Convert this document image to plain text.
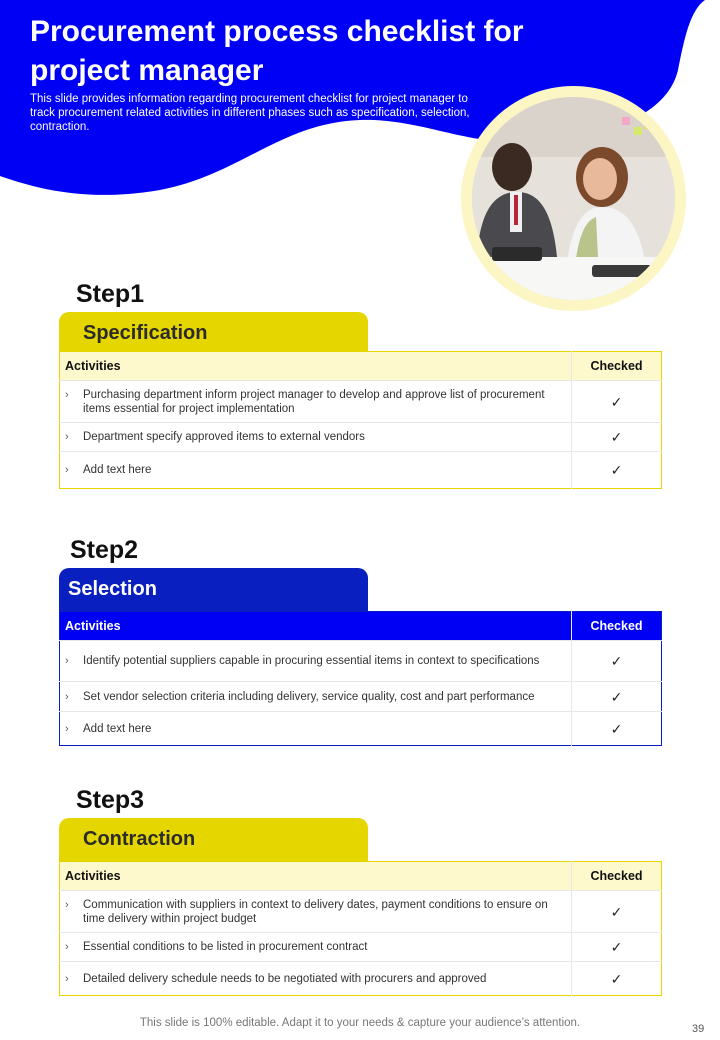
Procurement process checklist for project manager
This slide provides information regarding procurement checklist for project manager to track procurement related activities in different phases such as specification, selection, contraction.
Step1
Specification
Activities	Checked
› Purchasing department inform project manager to develop and approve list of procurement items essential for project implementation	✓
› Department specify approved items to external vendors	✓
› Add text here	✓
Step2
Selection
Activities	Checked
› Identify potential suppliers capable in procuring essential items in context to specifications	✓
› Set vendor selection criteria including delivery, service quality, cost and part performance	✓
› Add text here	✓
Step3
Contraction
Activities	Checked
› Communication with suppliers in context to delivery dates, payment conditions to ensure on time delivery within project budget	✓
› Essential conditions to be listed in procurement contract	✓
› Detailed delivery schedule needs to be negotiated with procurers and approved	✓
This slide is 100% editable. Adapt it to your needs & capture your audience’s attention.	39
